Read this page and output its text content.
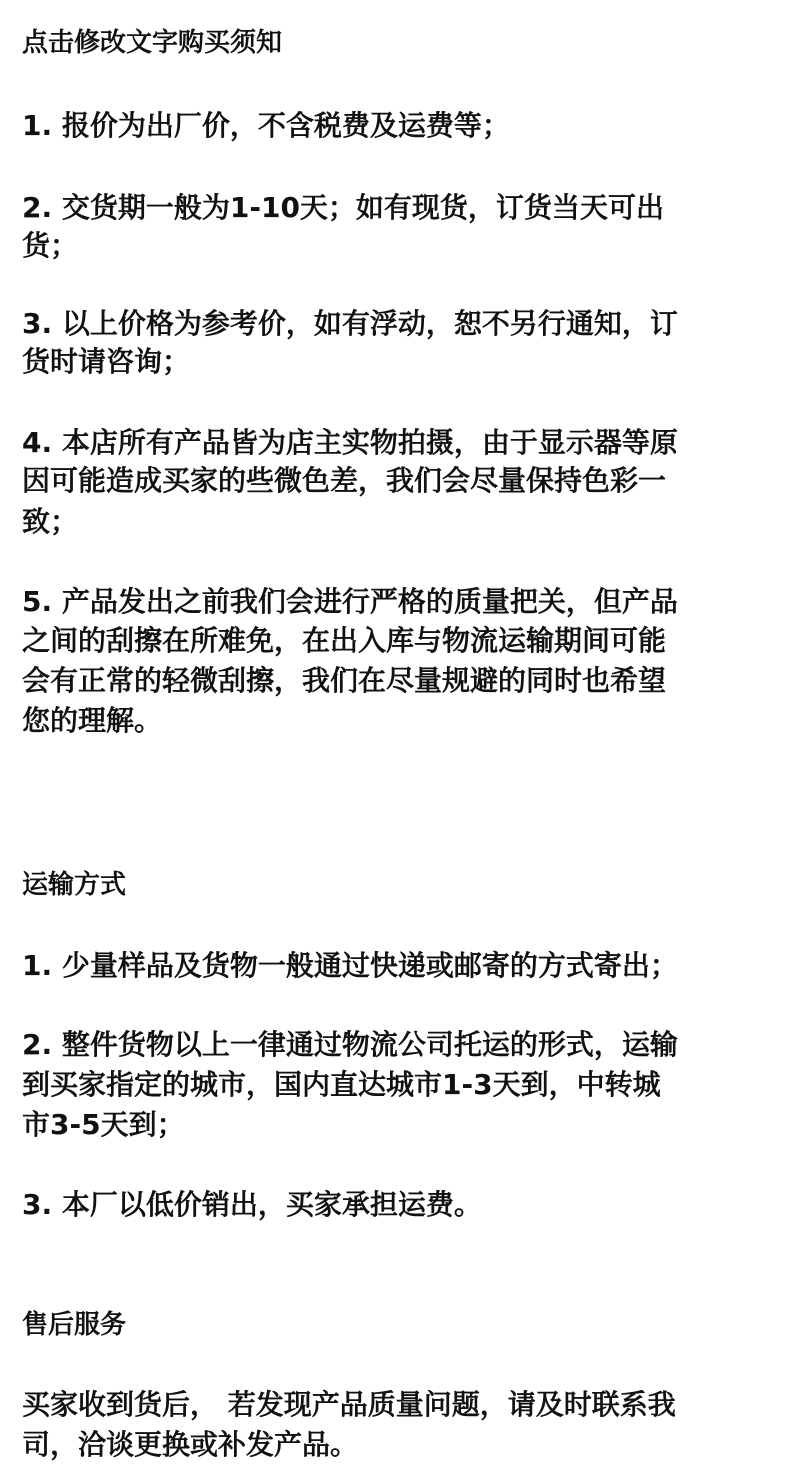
点击修改文字购买须知
1. 报价为出厂价，不含税费及运费等；
2. 交货期一般为1-10天；如有现货，订货当天可出
货；
3. 以上价格为参考价，如有浮动，恕不另行通知，订
货时请咨询；
4. 本店所有产品皆为店主实物拍摄，由于显示器等原
因可能造成买家的些微色差，我们会尽量保持色彩一
致；
5. 产品发出之前我们会进行严格的质量把关，但产品
之间的刮擦在所难免，在出入库与物流运输期间可能
会有正常的轻微刮擦，我们在尽量规避的同时也希望
您的理解。
运输方式
1. 少量样品及货物一般通过快递或邮寄的方式寄出；
2. 整件货物以上一律通过物流公司托运的形式，运输
到买家指定的城市，国内直达城市1-3天到，中转城
市3-5天到；
3. 本厂以低价销出，买家承担运费。
售后服务
买家收到货后， 若发现产品质量问题，请及时联系我
司，洽谈更换或补发产品。
